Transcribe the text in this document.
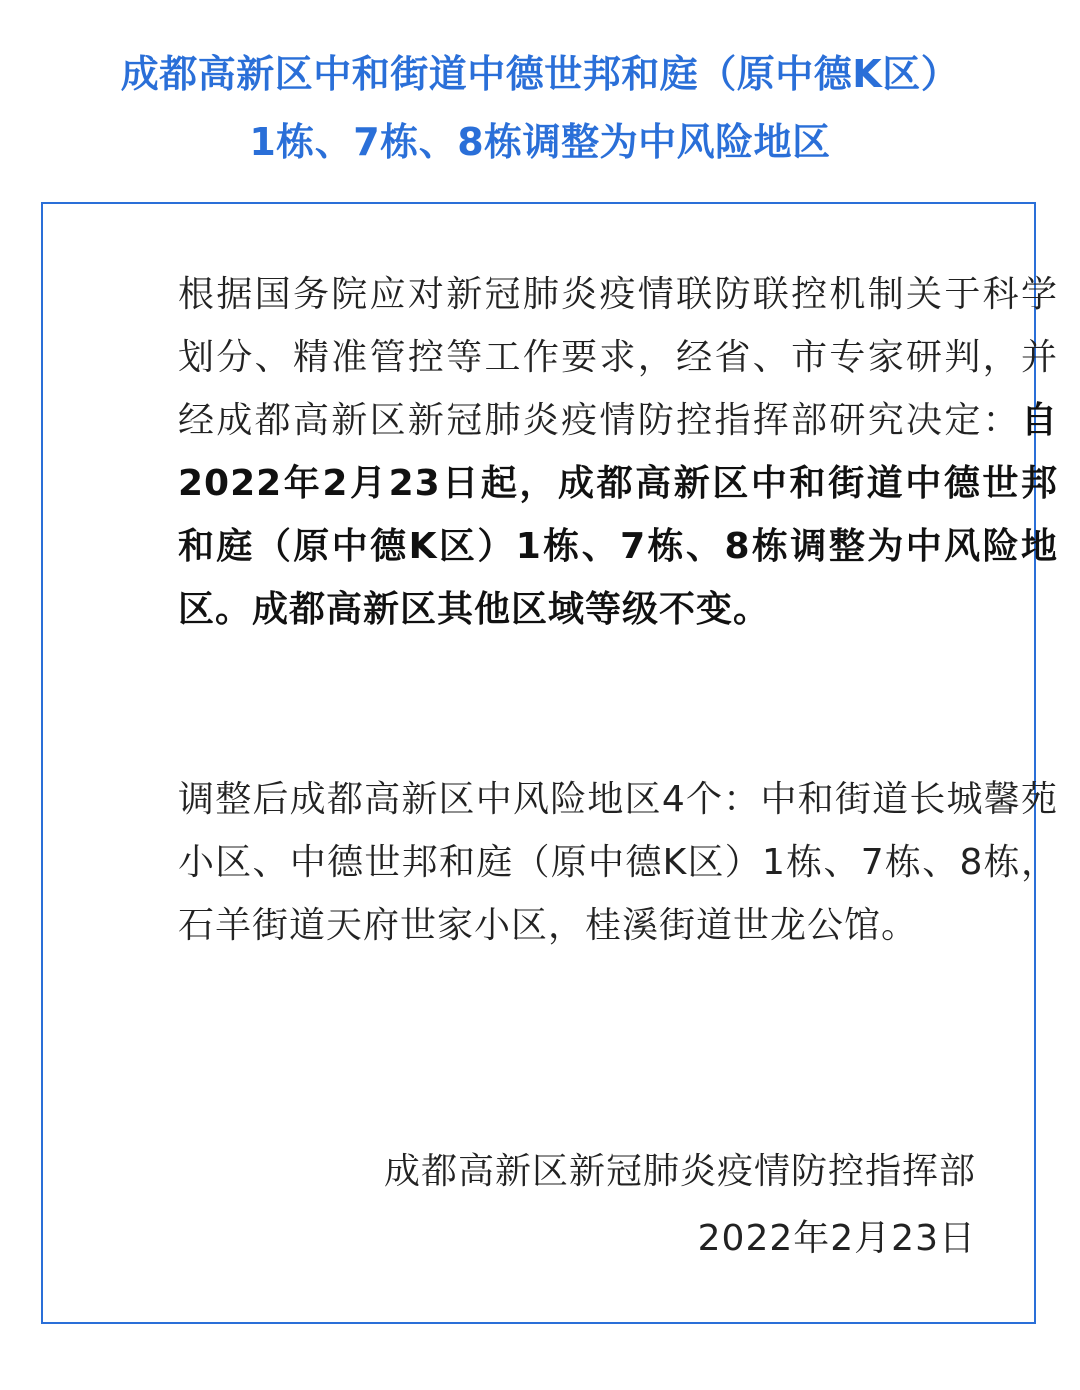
成都高新区中和街道中德世邦和庭（原中德K区）
1栋、7栋、8栋调整为中风险地区
根据国务院应对新冠肺炎疫情联防联控机制关于科学划分、精准管控等工作要求，经省、市专家研判，并经成都高新区新冠肺炎疫情防控指挥部研究决定：自2022年2月23日起，成都高新区中和街道中德世邦和庭（原中德K区）1栋、7栋、8栋调整为中风险地区。成都高新区其他区域等级不变。
调整后成都高新区中风险地区4个：中和街道长城馨苑小区、中德世邦和庭（原中德K区）1栋、7栋、8栋，石羊街道天府世家小区，桂溪街道世龙公馆。
成都高新区新冠肺炎疫情防控指挥部
2022年2月23日
